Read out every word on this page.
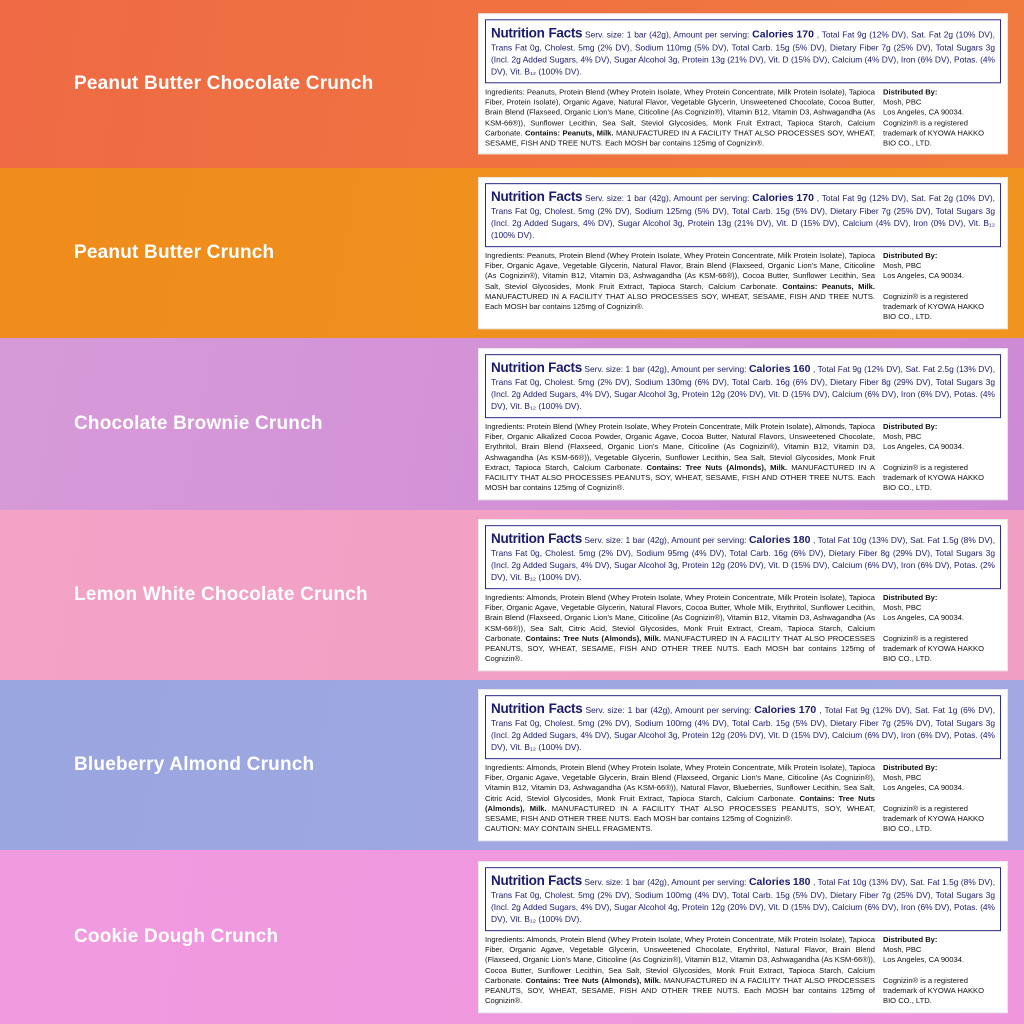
Peanut Butter Chocolate Crunch
Nutrition Facts Serv. size: 1 bar (42g), Amount per serving: Calories 170 , Total Fat 9g (12% DV), Sat. Fat 2g (10% DV), Trans Fat 0g, Cholest. 5mg (2% DV), Sodium 110mg (5% DV), Total Carb. 15g (5% DV), Dietary Fiber 7g (25% DV), Total Sugars 3g (Incl. 2g Added Sugars, 4% DV), Sugar Alcohol 3g, Protein 13g (21% DV), Vit. D (15% DV), Calcium (4% DV), Iron (6% DV), Potas. (4% DV), Vit. B₁₂ (100% DV).
Ingredients: Peanuts, Protein Blend (Whey Protein Isolate, Whey Protein Concentrate, Milk Protein Isolate), Tapioca Fiber, Protein Isolate), Organic Agave, Natural Flavor, Vegetable Glycerin, Unsweetened Chocolate, Cocoa Butter, Brain Blend (Flaxseed, Organic Lion's Mane, Citicoline (As Cognizin®), Vitamin B12, Vitamin D3, Ashwagandha (As KSM-66®)), Sunflower Lecithin, Sea Salt, Steviol Glycosides, Monk Fruit Extract, Tapioca Starch, Calcium Carbonate. Contains: Peanuts, Milk. MANUFACTURED IN A FACILITY THAT ALSO PROCESSES SOY, WHEAT, SESAME, FISH AND TREE NUTS. Each MOSH bar contains 125mg of Cognizin®.
Distributed By:
Mosh, PBC
Los Angeles, CA 90034.
Cognizin® is a registered
trademark of KYOWA HAKKO
BIO CO., LTD.
Peanut Butter Crunch
Nutrition Facts Serv. size: 1 bar (42g), Amount per serving: Calories 170 , Total Fat 9g (12% DV), Sat. Fat 2g (10% DV), Trans Fat 0g, Cholest. 5mg (2% DV), Sodium 125mg (5% DV), Total Carb. 15g (5% DV), Dietary Fiber 7g (25% DV), Total Sugars 3g (Incl. 2g Added Sugars, 4% DV), Sugar Alcohol 3g, Protein 13g (21% DV), Vit. D (15% DV), Calcium (4% DV), Iron (0% DV), Vit. B₁₂ (100% DV).
Ingredients: Peanuts, Protein Blend (Whey Protein Isolate, Whey Protein Concentrate, Milk Protein Isolate), Tapioca Fiber, Organic Agave, Vegetable Glycerin, Natural Flavor, Brain Blend (Flaxseed, Organic Lion's Mane, Citicoline (As Cognizin®), Vitamin B12, Vitamin D3, Ashwagandha (As KSM-66®)), Cocoa Butter, Sunflower Lecithin, Sea Salt, Steviol Glycosides, Monk Fruit Extract, Tapioca Starch, Calcium Carbonate. Contains: Peanuts, Milk. MANUFACTURED IN A FACILITY THAT ALSO PROCESSES SOY, WHEAT, SESAME, FISH AND TREE NUTS. Each MOSH bar contains 125mg of Cognizin®.
Distributed By:
Mosh, PBC
Los Angeles, CA 90034.

Cognizin® is a registered
trademark of KYOWA HAKKO
BIO CO., LTD.
Chocolate Brownie Crunch
Nutrition Facts Serv. size: 1 bar (42g), Amount per serving: Calories 160 , Total Fat 9g (12% DV), Sat. Fat 2.5g (13% DV), Trans Fat 0g, Cholest. 5mg (2% DV), Sodium 130mg (6% DV), Total Carb. 16g (6% DV), Dietary Fiber 8g (29% DV), Total Sugars 3g (Incl. 2g Added Sugars, 4% DV), Sugar Alcohol 3g, Protein 12g (20% DV), Vit. D (15% DV), Calcium (6% DV), Iron (6% DV), Potas. (4% DV), Vit. B₁₂ (100% DV).
Ingredients: Protein Blend (Whey Protein Isolate, Whey Protein Concentrate, Milk Protein Isolate), Almonds, Tapioca Fiber, Organic Alkalized Cocoa Powder, Organic Agave, Cocoa Butter, Natural Flavors, Unsweetened Chocolate, Erythritol, Brain Blend (Flaxseed, Organic Lion's Mane, Citicoline (As Cognizin®), Vitamin B12, Vitamin D3, Ashwagandha (As KSM-66®)), Vegetable Glycerin, Sunflower Lecithin, Sea Salt, Steviol Glycosides, Monk Fruit Extract, Tapioca Starch, Calcium Carbonate. Contains: Tree Nuts (Almonds), Milk. MANUFACTURED IN A FACILITY THAT ALSO PROCESSES PEANUTS, SOY, WHEAT, SESAME, FISH AND OTHER TREE NUTS. Each MOSH bar contains 125mg of Cognizin®.
Distributed By:
Mosh, PBC
Los Angeles, CA 90034.

Cognizin® is a registered
trademark of KYOWA HAKKO
BIO CO., LTD.
Lemon White Chocolate Crunch
Nutrition Facts Serv. size: 1 bar (42g), Amount per serving: Calories 180 , Total Fat 10g (13% DV), Sat. Fat 1.5g (8% DV), Trans Fat 0g, Cholest. 5mg (2% DV), Sodium 95mg (4% DV), Total Carb. 16g (6% DV), Dietary Fiber 8g (29% DV), Total Sugars 3g (Incl. 2g Added Sugars, 4% DV), Sugar Alcohol 3g, Protein 12g (20% DV), Vit. D (15% DV), Calcium (6% DV), Iron (6% DV), Potas. (2% DV), Vit. B₁₂ (100% DV).
Ingredients: Almonds, Protein Blend (Whey Protein Isolate, Whey Protein Concentrate, Milk Protein Isolate), Tapioca Fiber, Organic Agave, Vegetable Glycerin, Natural Flavors, Cocoa Butter, Whole Milk, Erythritol, Sunflower Lecithin, Brain Blend (Flaxseed, Organic Lion's Mane, Citicoline (As Cognizin®), Vitamin B12, Vitamin D3, Ashwagandha (As KSM-66®)), Sea Salt, Citric Acid, Steviol Glycosides, Monk Fruit Extract, Cream, Tapioca Starch, Calcium Carbonate. Contains: Tree Nuts (Almonds), Milk. MANUFACTURED IN A FACILITY THAT ALSO PROCESSES PEANUTS, SOY, WHEAT, SESAME, FISH AND OTHER TREE NUTS. Each MOSH bar contains 125mg of Cognizin®.
Distributed By:
Mosh, PBC
Los Angeles, CA 90034.

Cognizin® is a registered
trademark of KYOWA HAKKO
BIO CO., LTD.
Blueberry Almond Crunch
Nutrition Facts Serv. size: 1 bar (42g), Amount per serving: Calories 170 , Total Fat 9g (12% DV), Sat. Fat 1g (6% DV), Trans Fat 0g, Cholest. 5mg (2% DV), Sodium 100mg (4% DV), Total Carb. 15g (5% DV), Dietary Fiber 7g (25% DV), Total Sugars 3g (Incl. 2g Added Sugars, 4% DV), Sugar Alcohol 3g, Protein 12g (20% DV), Vit. D (15% DV), Calcium (6% DV), Iron (6% DV), Potas. (4% DV), Vit. B₁₂ (100% DV).
Ingredients: Almonds, Protein Blend (Whey Protein Isolate, Whey Protein Concentrate, Milk Protein Isolate), Tapioca Fiber, Organic Agave, Vegetable Glycerin, Brain Blend (Flaxseed, Organic Lion's Mane, Citicoline (As Cognizin®), Vitamin B12, Vitamin D3, Ashwagandha (As KSM-66®)), Natural Flavor, Blueberries, Sunflower Lecithin, Sea Salt, Citric Acid, Steviol Glycosides, Monk Fruit Extract, Tapioca Starch, Calcium Carbonate. Contains: Tree Nuts (Almonds), Milk. MANUFACTURED IN A FACILITY THAT ALSO PROCESSES PEANUTS, SOY, WHEAT, SESAME, FISH AND OTHER TREE NUTS. Each MOSH bar contains 125mg of Cognizin®.
CAUTION: MAY CONTAIN SHELL FRAGMENTS.
Distributed By:
Mosh, PBC
Los Angeles, CA 90034.

Cognizin® is a registered
trademark of KYOWA HAKKO
BIO CO., LTD.
Cookie Dough Crunch
Nutrition Facts Serv. size: 1 bar (42g), Amount per serving: Calories 180 , Total Fat 10g (13% DV), Sat. Fat 1.5g (8% DV), Trans Fat 0g, Cholest. 5mg (2% DV), Sodium 100mg (4% DV), Total Carb. 15g (5% DV), Dietary Fiber 7g (25% DV), Total Sugars 3g (Incl. 2g Added Sugars, 4% DV), Sugar Alcohol 4g, Protein 12g (20% DV), Vit. D (15% DV), Calcium (6% DV), Iron (6% DV), Potas. (4% DV), Vit. B₁₂ (100% DV).
Ingredients: Almonds, Protein Blend (Whey Protein Isolate, Whey Protein Concentrate, Milk Protein Isolate), Tapioca Fiber, Organic Agave, Vegetable Glycerin, Unsweetened Chocolate, Erythritol, Natural Flavor, Brain Blend (Flaxseed, Organic Lion's Mane, Citicoline (As Cognizin®), Vitamin B12, Vitamin D3, Ashwagandha (As KSM-66®)), Cocoa Butter, Sunflower Lecithin, Sea Salt, Steviol Glycosides, Monk Fruit Extract, Tapioca Starch, Calcium Carbonate. Contains: Tree Nuts (Almonds), Milk. MANUFACTURED IN A FACILITY THAT ALSO PROCESSES PEANUTS, SOY, WHEAT, SESAME, FISH AND OTHER TREE NUTS. Each MOSH bar contains 125mg of Cognizin®.
Distributed By:
Mosh, PBC
Los Angeles, CA 90034.

Cognizin® is a registered
trademark of KYOWA HAKKO
BIO CO., LTD.
